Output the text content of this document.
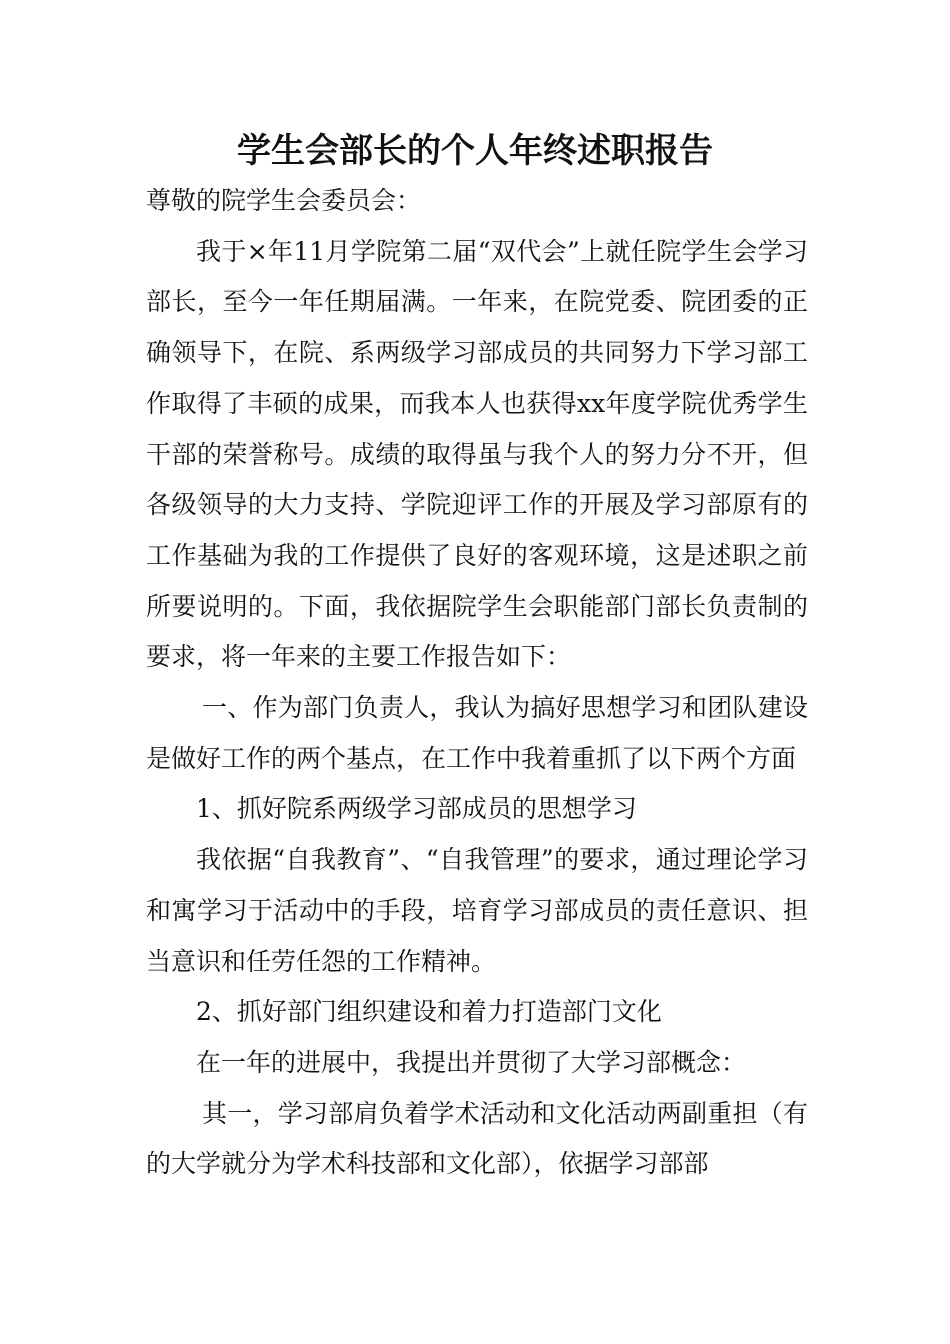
学生会部长的个人年终述职报告

尊敬的院学生会委员会：

我于×年11月学院第二届“双代会”上就任院学生会学习部长，至今一年任期届满。一年来，在院党委、院团委的正确领导下，在院、系两级学习部成员的共同努力下学习部工作取得了丰硕的成果，而我本人也获得xx年度学院优秀学生干部的荣誉称号。成绩的取得虽与我个人的努力分不开，但各级领导的大力支持、学院迎评工作的开展及学习部原有的工作基础为我的工作提供了良好的客观环境，这是述职之前所要说明的。下面，我依据院学生会职能部门部长负责制的要求，将一年来的主要工作报告如下：

一、作为部门负责人，我认为搞好思想学习和团队建设是做好工作的两个基点，在工作中我着重抓了以下两个方面

1、抓好院系两级学习部成员的思想学习

我依据“自我教育”、“自我管理”的要求，通过理论学习和寓学习于活动中的手段，培育学习部成员的责任意识、担当意识和任劳任怨的工作精神。

2、抓好部门组织建设和着力打造部门文化

在一年的进展中，我提出并贯彻了大学习部概念：

其一，学习部肩负着学术活动和文化活动两副重担（有的大学就分为学术科技部和文化部），依据学习部部
